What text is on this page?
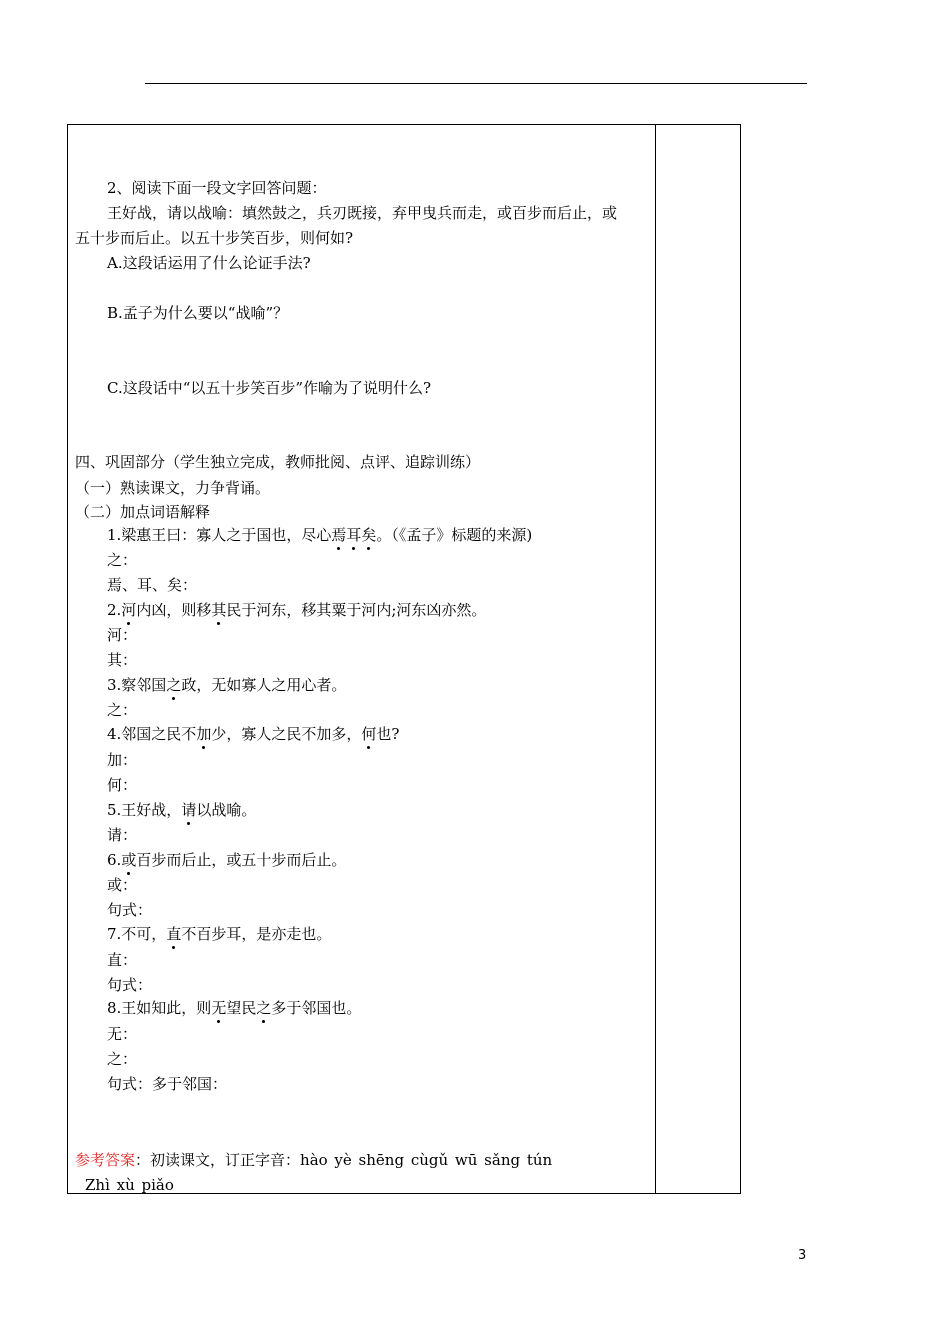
2、阅读下面一段文字回答问题：
王好战，请以战喻：填然鼓之，兵刃既接，弃甲曳兵而走，或百步而后止，或
五十步而后止。以五十步笑百步，则何如?
A.这段话运用了什么论证手法?
B.孟子为什么要以“战喻”？
C.这段话中“以五十步笑百步”作喻为了说明什么?
四、巩固部分（学生独立完成，教师批阅、点评、追踪训练）
（一）熟读课文，力争背诵。
（二）加点词语解释
1.梁惠王曰：寡人之于国也，尽心焉耳矣。（《孟子》标题的来源)
之：
焉、耳、矣：
2.河内凶，则移其民于河东，移其粟于河内;河东凶亦然。
河：
其：
3.察邻国之政，无如寡人之用心者。
之：
4.邻国之民不加少，寡人之民不加多，何也?
加：
何：
5.王好战，请以战喻。
请：
6.或百步而后止，或五十步而后止。
或：
句式：
7.不可，直不百步耳，是亦走也。
直：
句式：
8.王如知此，则无望民之多于邻国也。
无：
之：
句式：多于邻国：
参考答案：初读课文，订正字音：hào yè shēng cùgǔ wū sǎng tún
Zhì xù piǎo
3
